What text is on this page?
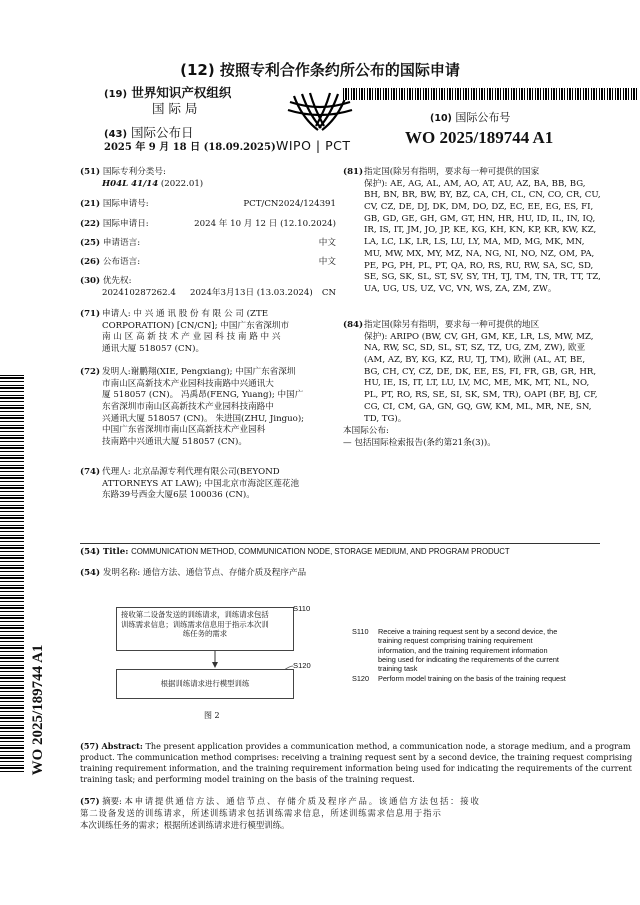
WO 2025/189744 A1
(12) 按照专利合作条约所公布的国际申请
(19) 世界知识产权组织
国 际 局
(43) 国际公布日
2025 年 9 月 18 日 (18.09.2025) WIPO | PCT
(10) 国际公布号
WO 2025/189744 A1
(51) 国际专利分类号:
H04L 41/14 (2022.01)
(21) 国际申请号:	PCT/CN2024/124391
(22) 国际申请日:	2024 年 10 月 12 日 (12.10.2024)
(25) 申请语言:	中文
(26) 公布语言:	中文
(30) 优先权:
202410287262.4 2024年3月13日 (13.03.2024) CN
(71) 申请人: 中 兴 通 讯 股 份 有 限 公 司 (ZTE
CORPORATION) [CN/CN]; 中国广东省深圳市
南 山 区 高 新 技 术 产 业 园 科 技 南 路 中 兴
通讯大厦 518057 (CN)。
(72) 发明人:谢鹏翔(XIE, Pengxiang); 中国广东省深圳
市南山区高新技术产业园科技南路中兴通讯大
厦 518057 (CN)。 冯禹昂(FENG, Yuang); 中国广
东省深圳市南山区高新技术产业园科技南路中
兴通讯大厦 518057 (CN)。 朱进国(ZHU, Jinguo);
中国广东省深圳市南山区高新技术产业园科
技南路中兴通讯大厦 518057 (CN)。
(74) 代理人: 北京品源专利代理有限公司(BEYOND
ATTORNEYS AT LAW); 中国北京市海淀区莲花池
东路39号西金大厦6层 100036 (CN)。
(81) 指定国(除另有指明，要求每一种可提供的国家
保护): AE, AG, AL, AM, AO, AT, AU, AZ, BA, BB, BG,
BH, BN, BR, BW, BY, BZ, CA, CH, CL, CN, CO, CR, CU,
CV, CZ, DE, DJ, DK, DM, DO, DZ, EC, EE, EG, ES, FI,
GB, GD, GE, GH, GM, GT, HN, HR, HU, ID, IL, IN, IQ,
IR, IS, IT, JM, JO, JP, KE, KG, KH, KN, KP, KR, KW, KZ,
LA, LC, LK, LR, LS, LU, LY, MA, MD, MG, MK, MN,
MU, MW, MX, MY, MZ, NA, NG, NI, NO, NZ, OM, PA,
PE, PG, PH, PL, PT, QA, RO, RS, RU, RW, SA, SC, SD,
SE, SG, SK, SL, ST, SV, SY, TH, TJ, TM, TN, TR, TT, TZ,
UA, UG, US, UZ, VC, VN, WS, ZA, ZM, ZW。
(84) 指定国(除另有指明，要求每一种可提供的地区
保护): ARIPO (BW, CV, GH, GM, KE, LR, LS, MW, MZ,
NA, RW, SC, SD, SL, ST, SZ, TZ, UG, ZM, ZW), 欧亚
(AM, AZ, BY, KG, KZ, RU, TJ, TM), 欧洲 (AL, AT, BE,
BG, CH, CY, CZ, DE, DK, EE, ES, FI, FR, GB, GR, HR,
HU, IE, IS, IT, LT, LU, LV, MC, ME, MK, MT, NL, NO,
PL, PT, RO, RS, SE, SI, SK, SM, TR), OAPI (BF, BJ, CF,
CG, CI, CM, GA, GN, GQ, GW, KM, ML, MR, NE, SN,
TD, TG)。
本国际公布:
— 包括国际检索报告(条约第21条(3))。
(54) Title: COMMUNICATION METHOD, COMMUNICATION NODE, STORAGE MEDIUM, AND PROGRAM PRODUCT
(54) 发明名称: 通信方法、通信节点、存储介质及程序产品
接收第二设备发送的训练请求，训练请求包括
训练需求信息；训练需求信息用于指示本次训
练任务的需求
S110
根据训练请求进行模型训练
S120
图 2
S110 Receive a training request sent by a second device, the
training request comprising training requirement
information, and the training requirement information
being used for indicating the requirements of the current
training task
S120 Perform model training on the basis of the training request
(57) Abstract: The present application provides a communication method, a communication node, a storage medium, and a program
product. The communication method comprises: receiving a training request sent by a second device, the training request comprising
training requirement information, and the training requirement information being used for indicating the requirements of the current
training task; and performing model training on the basis of the training request.
(57) 摘要: 本申请提供通信方法、通信节点、存储介质及程序产品。该通信方法包括：接收
第二设备发送的训练请求，所述训练请求包括训练需求信息，所述训练需求信息用于指示
本次训练任务的需求；根据所述训练请求进行模型训练。
